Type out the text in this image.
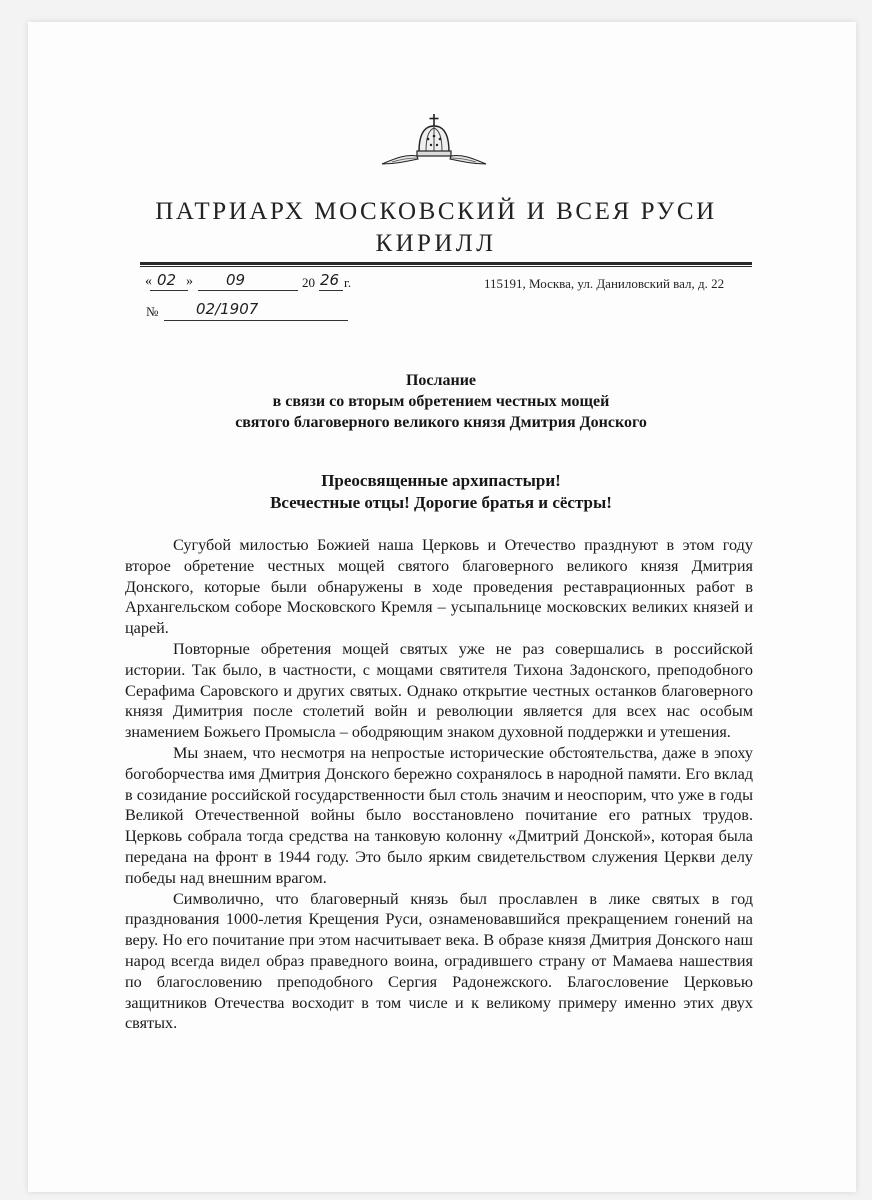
ПАТРИАРХ МОСКОВСКИЙ И ВСЕЯ РУСИ
КИРИЛЛ
« 02 » 09	20 26 г.	115191, Москва, ул. Даниловский вал, д. 22
№	02/1907
Послание
в связи со вторым обретением честных мощей
святого благоверного великого князя Дмитрия Донского
Преосвященные архипастыри!
Всечестные отцы! Дорогие братья и сёстры!

Сугубой милостью Божией наша Церковь и Отечество празднуют в этом году второе обретение честных мощей святого благоверного великого князя Дмитрия Донского, которые были обнаружены в ходе проведения реставрационных работ в Архангельском соборе Московского Кремля – усыпальнице московских великих князей и царей.

Повторные обретения мощей святых уже не раз совершались в российской истории. Так было, в частности, с мощами святителя Тихона Задонского, преподобного Серафима Саровского и других святых. Однако открытие честных останков благоверного князя Димитрия после столетий войн и революции является для всех нас особым знамением Божьего Промысла – ободряющим знаком духовной поддержки и утешения.

Мы знаем, что несмотря на непростые исторические обстоятельства, даже в эпоху богоборчества имя Дмитрия Донского бережно сохранялось в народной памяти. Его вклад в созидание российской государственности был столь значим и неоспорим, что уже в годы Великой Отечественной войны было восстановлено почитание его ратных трудов. Церковь собрала тогда средства на танковую колонну «Дмитрий Донской», которая была передана на фронт в 1944 году. Это было ярким свидетельством служения Церкви делу победы над внешним врагом.

Символично, что благоверный князь был прославлен в лике святых в год празднования 1000-летия Крещения Руси, ознаменовавшийся прекращением гонений на веру. Но его почитание при этом насчитывает века. В образе князя Дмитрия Донского наш народ всегда видел образ праведного воина, оградившего страну от Мамаева нашествия по благословению преподобного Сергия Радонежского. Благословение Церковью защитников Отечества восходит в том числе и к великому примеру именно этих двух святых.
